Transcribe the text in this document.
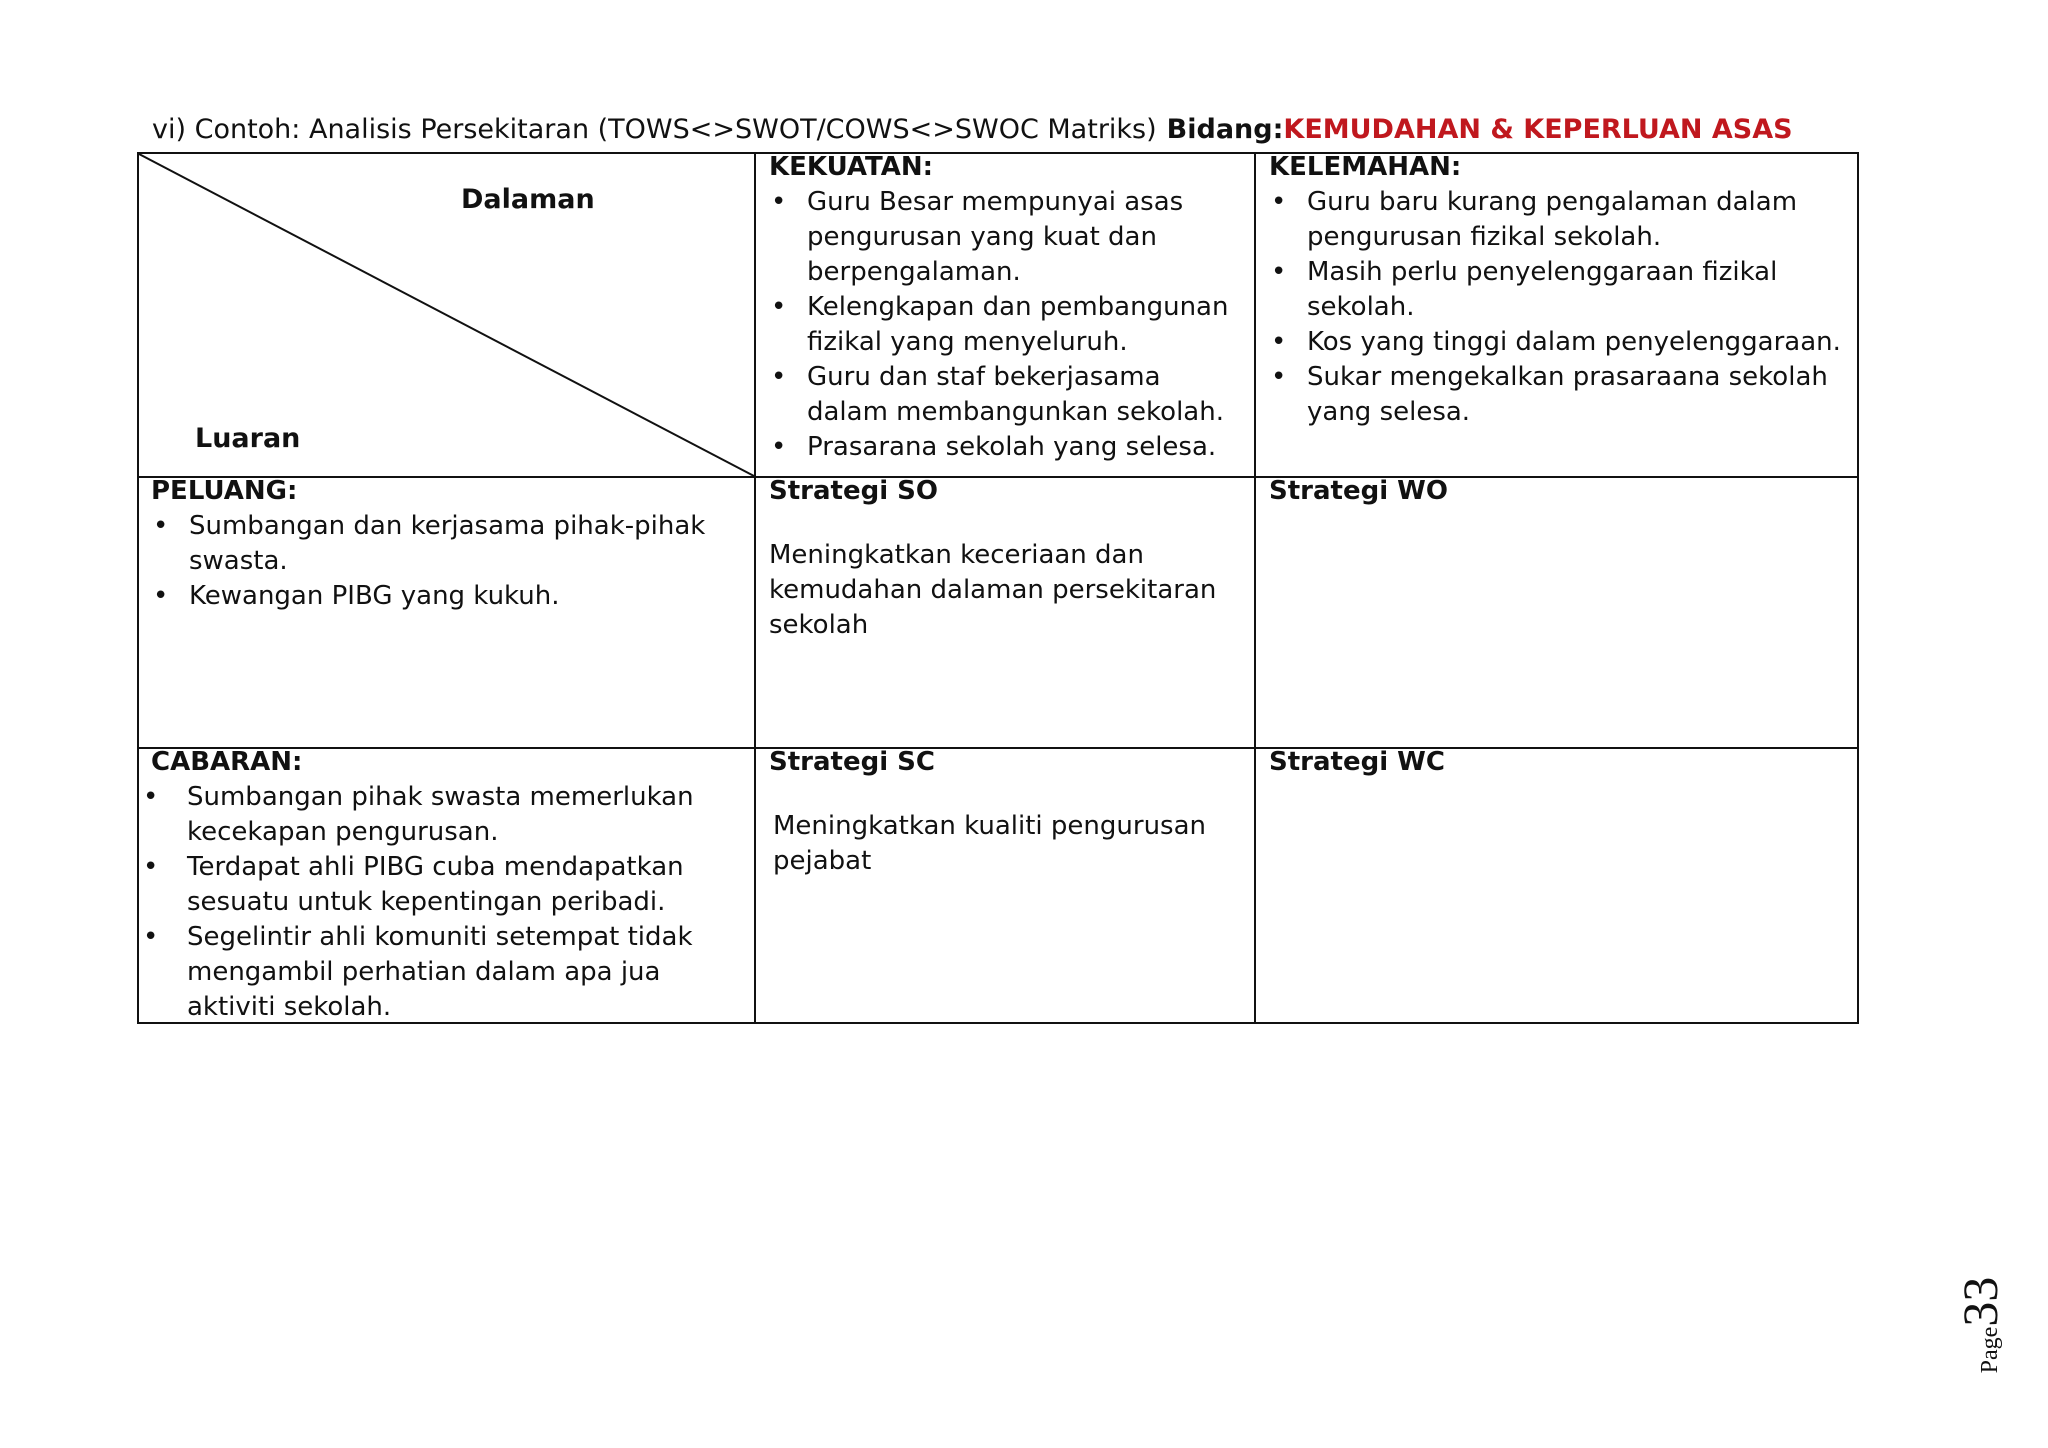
vi) Contoh: Analisis Persekitaran (TOWS<>SWOT/COWS<>SWOC Matriks) Bidang:KEMUDAHAN & KEPERLUAN ASAS
Dalaman
Luaran
KEKUATAN:
• Guru Besar mempunyai asas pengurusan yang kuat dan berpengalaman.
• Kelengkapan dan pembangunan fizikal yang menyeluruh.
• Guru dan staf bekerjasama dalam membangunkan sekolah.
• Prasarana sekolah yang selesa.
KELEMAHAN:
• Guru baru kurang pengalaman dalam pengurusan fizikal sekolah.
• Masih perlu penyelenggaraan fizikal sekolah.
• Kos yang tinggi dalam penyelenggaraan.
• Sukar mengekalkan prasaraana sekolah yang selesa.
PELUANG:
• Sumbangan dan kerjasama pihak-pihak swasta.
• Kewangan PIBG yang kukuh.
Strategi SO

Meningkatkan keceriaan dan kemudahan dalaman persekitaran sekolah

Strategi WO
CABARAN:
• Sumbangan pihak swasta memerlukan kecekapan pengurusan.
• Terdapat ahli PIBG cuba mendapatkan sesuatu untuk kepentingan peribadi.
• Segelintir ahli komuniti setempat tidak mengambil perhatian dalam apa jua aktiviti sekolah.
Strategi SC

Meningkatkan kualiti pengurusan pejabat

Strategi WC
Page33
